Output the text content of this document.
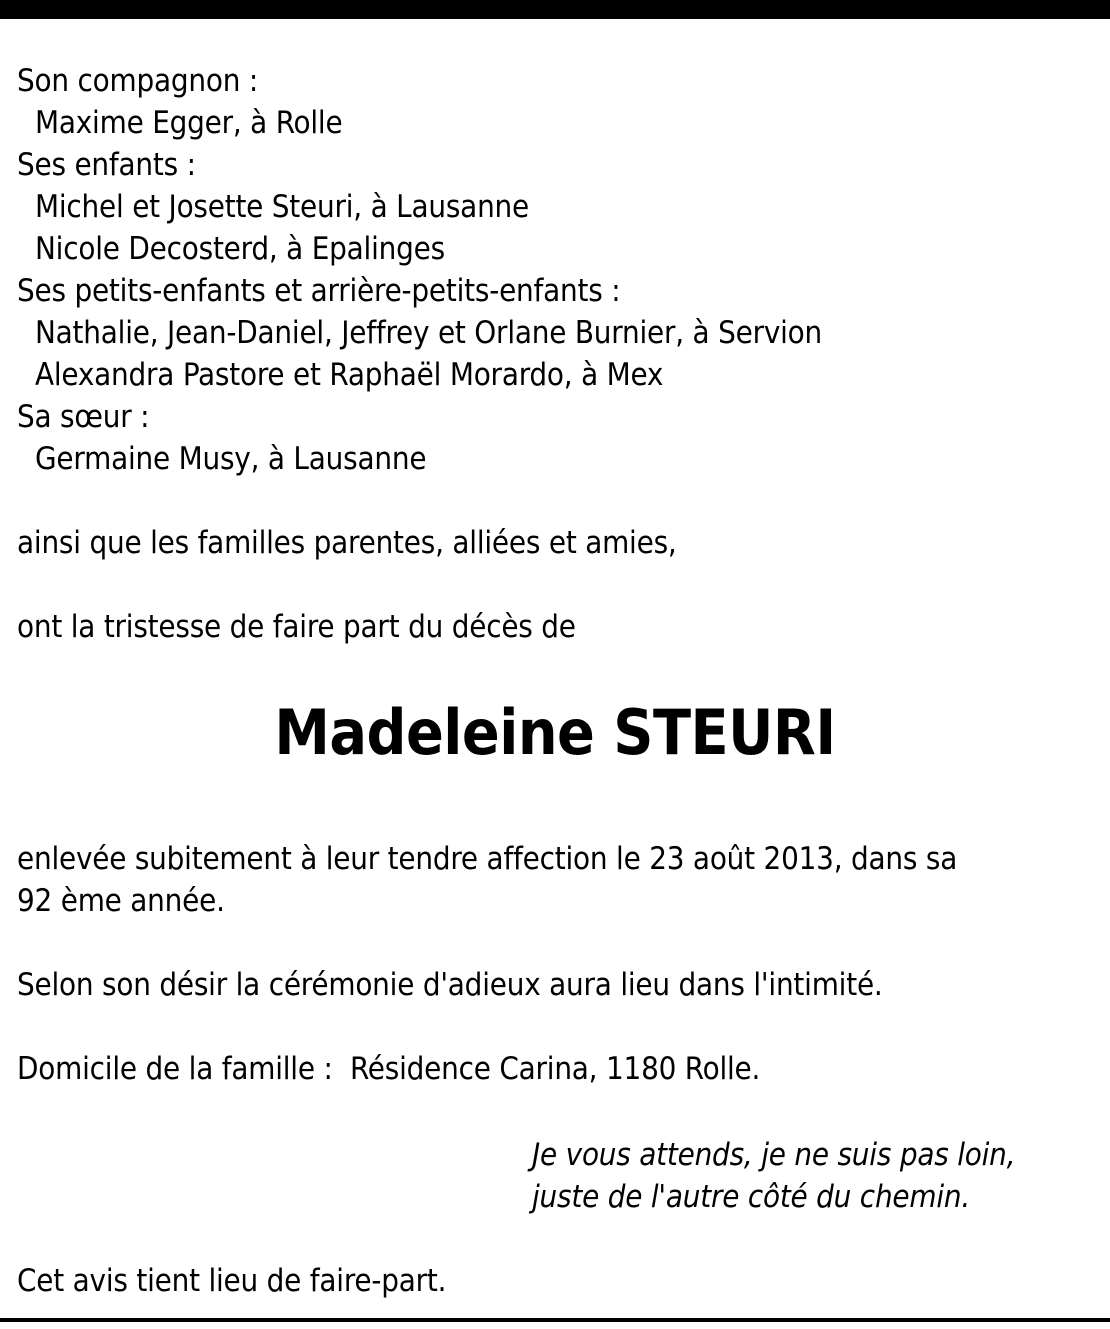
Son compagnon :
Maxime Egger, à Rolle
Ses enfants :
Michel et Josette Steuri, à Lausanne
Nicole Decosterd, à Epalinges
Ses petits-enfants et arrière-petits-enfants :
Nathalie, Jean-Daniel, Jeffrey et Orlane Burnier, à Servion
Alexandra Pastore et Raphaël Morardo, à Mex
Sa sœur :
Germaine Musy, à Lausanne
ainsi que les familles parentes, alliées et amies,
ont la tristesse de faire part du décès de
Madeleine STEURI
enlevée subitement à leur tendre affection le 23 août 2013, dans sa
92 ème année.
Selon son désir la cérémonie d'adieux aura lieu dans l'intimité.
Domicile de la famille : Résidence Carina, 1180 Rolle.
Je vous attends, je ne suis pas loin,
juste de l'autre côté du chemin.
Cet avis tient lieu de faire-part.
